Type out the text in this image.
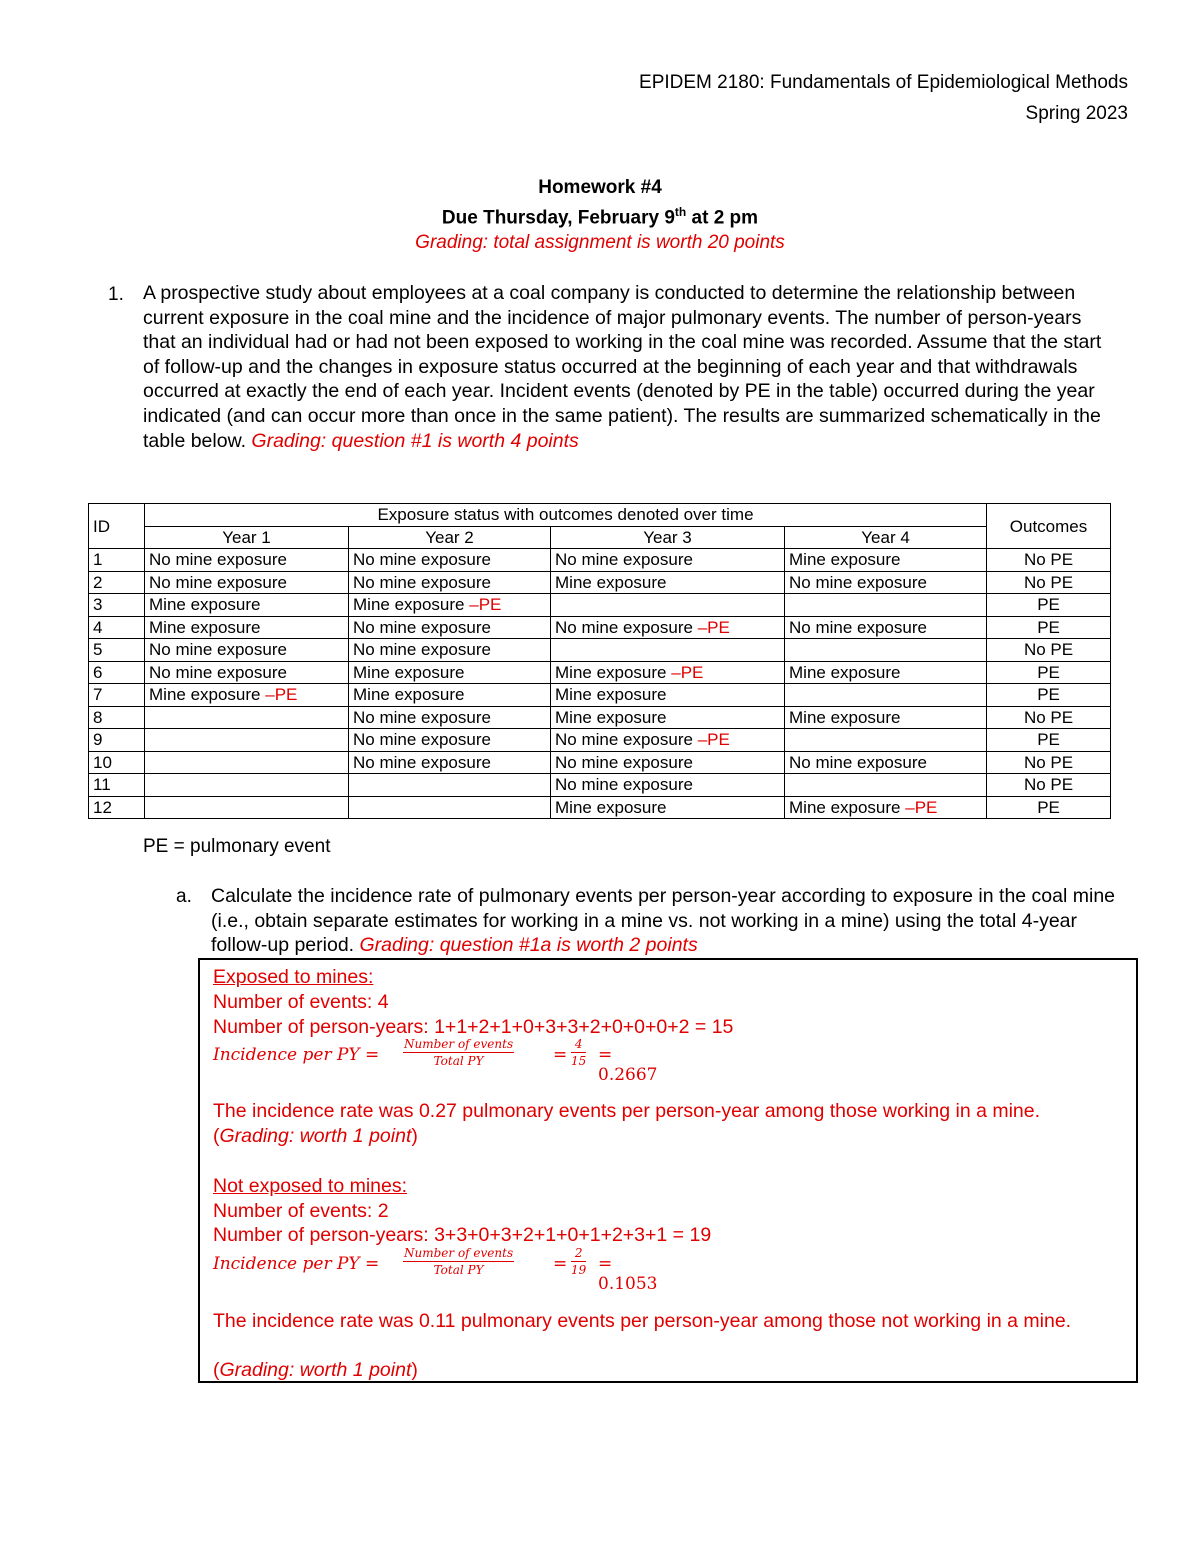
EPIDEM 2180: Fundamentals of Epidemiological Methods
Spring 2023
Homework #4
Due Thursday, February 9th at 2 pm
Grading: total assignment is worth 20 points
1. A prospective study about employees at a coal company is conducted to determine the relationship between current exposure in the coal mine and the incidence of major pulmonary events. The number of person-years that an individual had or had not been exposed to working in the coal mine was recorded. Assume that the start of follow-up and the changes in exposure status occurred at the beginning of each year and that withdrawals occurred at exactly the end of each year. Incident events (denoted by PE in the table) occurred during the year indicated (and can occur more than once in the same patient). The results are summarized schematically in the table below. Grading: question #1 is worth 4 points
ID	Exposure status with outcomes denoted over time				Outcomes
	Year 1	Year 2	Year 3	Year 4	
1	No mine exposure	No mine exposure	No mine exposure	Mine exposure	No PE
2	No mine exposure	No mine exposure	Mine exposure	No mine exposure	No PE
3	Mine exposure	Mine exposure –PE			PE
4	Mine exposure	No mine exposure	No mine exposure –PE	No mine exposure	PE
5	No mine exposure	No mine exposure			No PE
6	No mine exposure	Mine exposure	Mine exposure –PE	Mine exposure	PE
7	Mine exposure –PE	Mine exposure	Mine exposure		PE
8		No mine exposure	Mine exposure	Mine exposure	No PE
9		No mine exposure	No mine exposure –PE		PE
10		No mine exposure	No mine exposure	No mine exposure	No PE
11			No mine exposure		No PE
12			Mine exposure	Mine exposure –PE	PE
PE = pulmonary event
a. Calculate the incidence rate of pulmonary events per person-year according to exposure in the coal mine (i.e., obtain separate estimates for working in a mine vs. not working in a mine) using the total 4-year follow-up period. Grading: question #1a is worth 2 points
Exposed to mines:
Number of events: 4
Number of person-years: 1+1+2+1+0+3+3+2+0+0+0+2 = 15
Incidence per PY =
Number of events
Total PY	= $\frac{4}{15} = 0.2667$
The incidence rate was 0.27 pulmonary events per person-year among those working in a mine.
(Grading: worth 1 point)
Not exposed to mines:
Number of events: 2
Number of person-years: 3+3+0+3+2+1+0+1+2+3+1 = 19
Incidence per PY =
Number of events
Total PY	= $\frac{2}{19} = 0.1053$
The incidence rate was 0.11 pulmonary events per person-year among those not working in a mine.
(Grading: worth 1 point)
